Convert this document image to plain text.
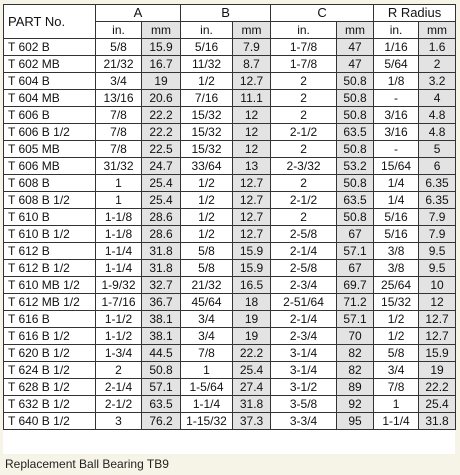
PART No.	A		B		C		R Radius	
	in.	mm	in.	mm	in.	mm	in.	mm
T 602 B	5/8	15.9	5/16	7.9	1-7/8	47	1/16	1.6
T 602 MB	21/32	16.7	11/32	8.7	1-7/8	47	5/64	2
T 604 B	3/4	19	1/2	12.7	2	50.8	1/8	3.2
T 604 MB	13/16	20.6	7/16	11.1	2	50.8	-	4
T 606 B	7/8	22.2	15/32	12	2	50.8	3/16	4.8
T 606 B 1/2	7/8	22.2	15/32	12	2-1/2	63.5	3/16	4.8
T 605 MB	7/8	22.5	15/32	12	2	50.8	-	5
T 606 MB	31/32	24.7	33/64	13	2-3/32	53.2	15/64	6
T 608 B	1	25.4	1/2	12.7	2	50.8	1/4	6.35
T 608 B 1/2	1	25.4	1/2	12.7	2-1/2	63.5	1/4	6.35
T 610 B	1-1/8	28.6	1/2	12.7	2	50.8	5/16	7.9
T 610 B 1/2	1-1/8	28.6	1/2	12.7	2-5/8	67	5/16	7.9
T 612 B	1-1/4	31.8	5/8	15.9	2-1/4	57.1	3/8	9.5
T 612 B 1/2	1-1/4	31.8	5/8	15.9	2-5/8	67	3/8	9.5
T 610 MB 1/2	1-9/32	32.7	21/32	16.5	2-3/4	69.7	25/64	10
T 612 MB 1/2	1-7/16	36.7	45/64	18	2-51/64	71.2	15/32	12
T 616 B	1-1/2	38.1	3/4	19	2-1/4	57.1	1/2	12.7
T 616 B 1/2	1-1/2	38.1	3/4	19	2-3/4	70	1/2	12.7
T 620 B 1/2	1-3/4	44.5	7/8	22.2	3-1/4	82	5/8	15.9
T 624 B 1/2	2	50.8	1	25.4	3-1/4	82	3/4	19
T 628 B 1/2	2-1/4	57.1	1-5/64	27.4	3-1/2	89	7/8	22.2
T 632 B 1/2	2-1/2	63.5	1-1/4	31.8	3-5/8	92	1	25.4
T 640 B 1/2	3	76.2	1-15/32	37.3	3-3/4	95	1-1/4	31.8
Replacement Ball Bearing TB9
